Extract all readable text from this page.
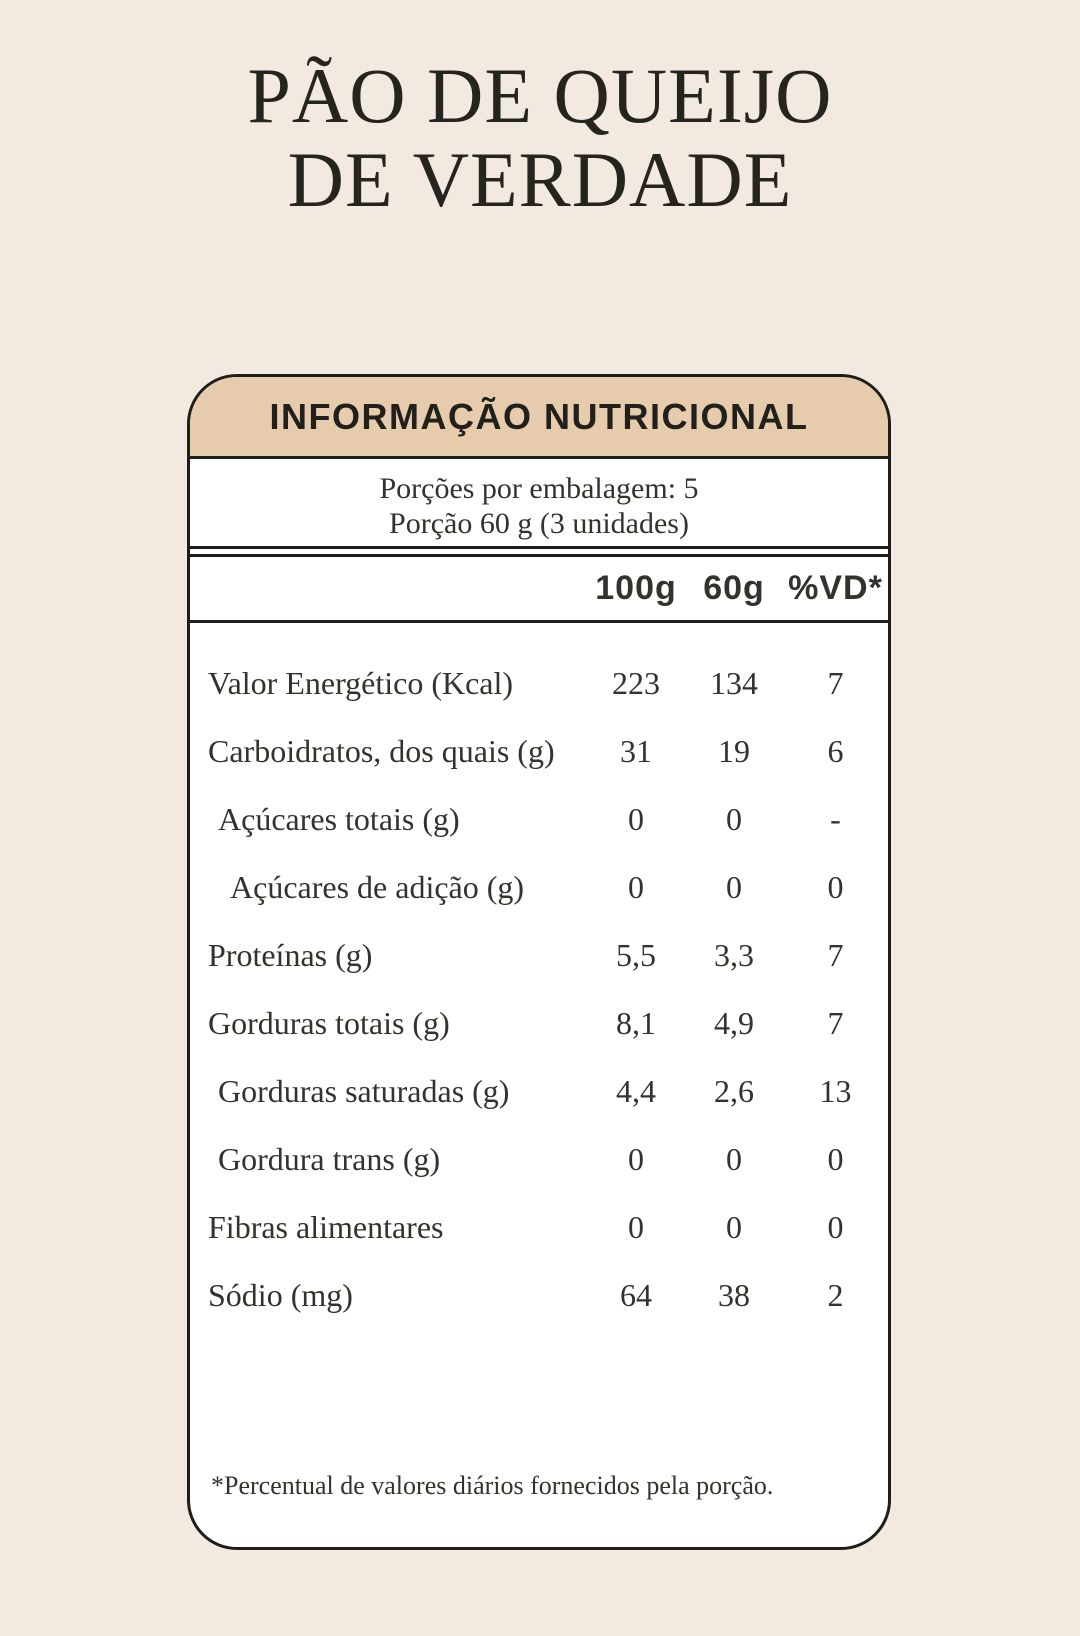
PÃO DE QUEIJO
DE VERDADE
INFORMAÇÃO NUTRICIONAL
Porções por embalagem: 5
Porção 60 g (3 unidades)
100g 60g %VD*
Valor Energético (Kcal)	223	134	7
Carboidratos, dos quais (g)	31	19	6
Açúcares totais (g)	0	0	-
Açúcares de adição (g)	0	0	0
Proteínas (g)	5,5	3,3	7
Gorduras totais (g)	8,1	4,9	7
Gorduras saturadas (g)	4,4	2,6	13
Gordura trans (g)	0	0	0
Fibras alimentares	0	0	0
Sódio (mg)	64	38	2
*Percentual de valores diários fornecidos pela porção.
